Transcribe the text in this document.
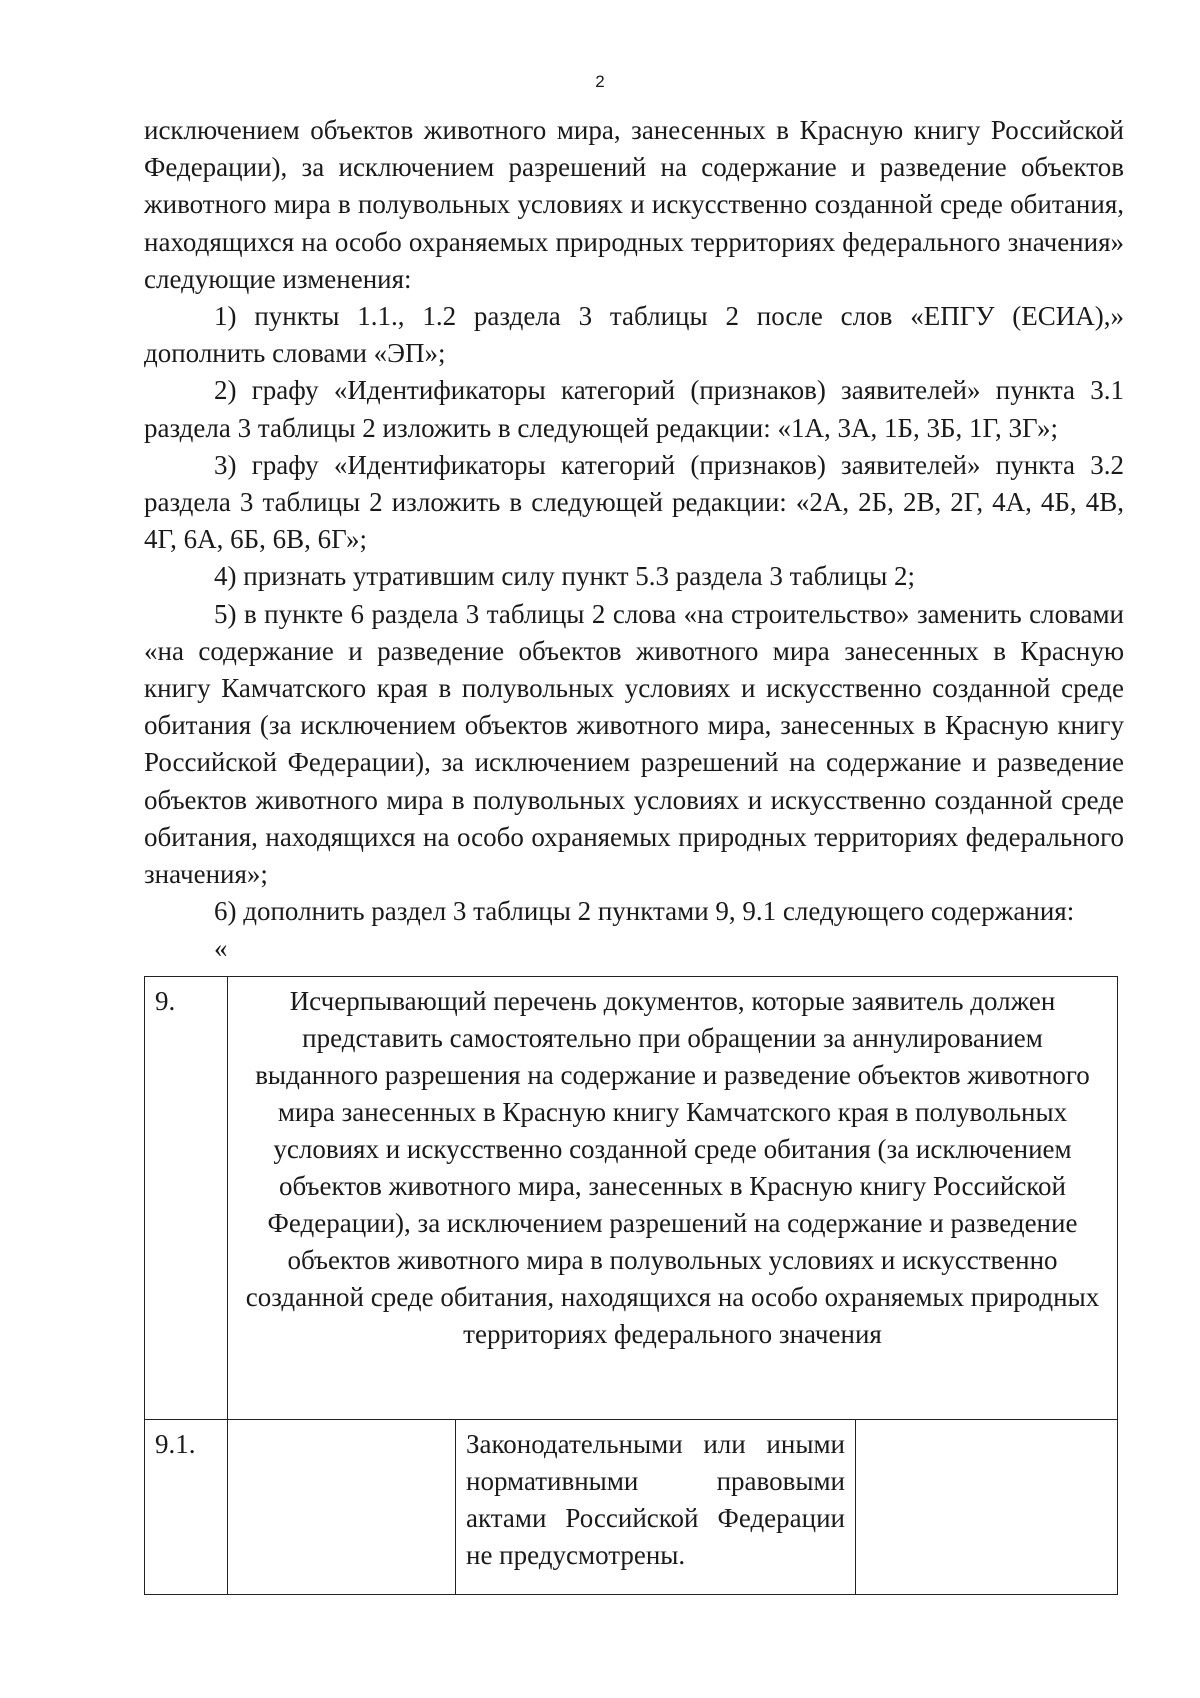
2

исключением объектов животного мира, занесенных в Красную книгу Российской Федерации), за исключением разрешений на содержание и разведение объектов животного мира в полувольных условиях и искусственно созданной среде обитания, находящихся на особо охраняемых природных территориях федерального значения» следующие изменения:

1) пункты 1.1., 1.2 раздела 3 таблицы 2 после слов «ЕПГУ (ЕСИА),» дополнить словами «ЭП»;

2) графу «Идентификаторы категорий (признаков) заявителей» пункта 3.1 раздела 3 таблицы 2 изложить в следующей редакции: «1А, 3А, 1Б, 3Б, 1Г, 3Г»;

3) графу «Идентификаторы категорий (признаков) заявителей» пункта 3.2 раздела 3 таблицы 2 изложить в следующей редакции: «2А, 2Б, 2В, 2Г, 4А, 4Б, 4В, 4Г, 6А, 6Б, 6В, 6Г»;

4) признать утратившим силу пункт 5.3 раздела 3 таблицы 2;

5) в пункте 6 раздела 3 таблицы 2 слова «на строительство» заменить словами «на содержание и разведение объектов животного мира занесенных в Красную книгу Камчатского края в полувольных условиях и искусственно созданной среде обитания (за исключением объектов животного мира, занесенных в Красную книгу Российской Федерации), за исключением разрешений на содержание и разведение объектов животного мира в полувольных условиях и искусственно созданной среде обитания, находящихся на особо охраняемых природных территориях федерального значения»;

6) дополнить раздел 3 таблицы 2 пунктами 9, 9.1 следующего содержания:

«

9.	Исчерпывающий перечень документов, которые заявитель должен представить самостоятельно при обращении за аннулированием выданного разрешения на содержание и разведение объектов животного мира занесенных в Красную книгу Камчатского края в полувольных условиях и искусственно созданной среде обитания (за исключением объектов животного мира, занесенных в Красную книгу Российской Федерации), за исключением разрешений на содержание и разведение объектов животного мира в полувольных условиях и искусственно созданной среде обитания, находящихся на особо охраняемых природных территориях федерального значения		
9.1.		Законодательными или иными нормативными правовыми актами Российской Федерации не предусмотрены.	
